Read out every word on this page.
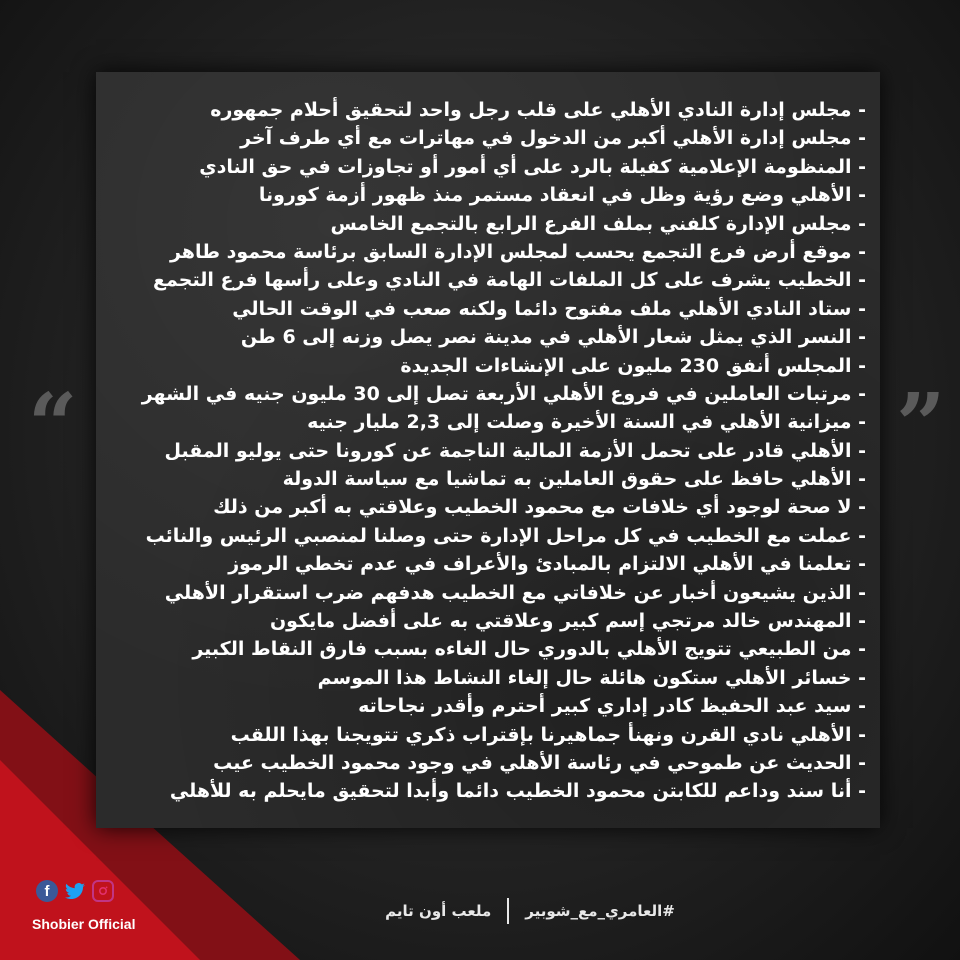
“	”
- مجلس إدارة النادي الأهلي على قلب رجل واحد لتحقيق أحلام جمهوره
- مجلس إدارة الأهلي أكبر من الدخول في مهاترات مع أي طرف آخر
- المنظومة الإعلامية كفيلة بالرد على أي أمور أو تجاوزات في حق النادي
- الأهلي وضع رؤية وظل في انعقاد مستمر منذ ظهور أزمة كورونا
- مجلس الإدارة كلفني بملف الفرع الرابع بالتجمع الخامس
- موقع أرض فرع التجمع يحسب لمجلس الإدارة السابق برئاسة محمود طاهر
- الخطيب يشرف على كل الملفات الهامة في النادي وعلى رأسها فرع التجمع
- ستاد النادي الأهلي ملف مفتوح دائما ولكنه صعب في الوقت الحالي
- النسر الذي يمثل شعار الأهلي في مدينة نصر يصل وزنه إلى 6 طن
- المجلس أنفق 230 مليون على الإنشاءات الجديدة
- مرتبات العاملين في فروع الأهلي الأربعة تصل إلى 30 مليون جنيه في الشهر
- ميزانية الأهلي في السنة الأخيرة وصلت إلى 2,3 مليار جنيه
- الأهلي قادر على تحمل الأزمة المالية الناجمة عن كورونا حتى يوليو المقبل
- الأهلي حافظ على حقوق العاملين به تماشيا مع سياسة الدولة
- لا صحة لوجود أي خلافات مع محمود الخطيب وعلاقتي به أكبر من ذلك
- عملت مع الخطيب في كل مراحل الإدارة حتى وصلنا لمنصبي الرئيس والنائب
- تعلمنا في الأهلي الالتزام بالمبادئ والأعراف في عدم تخطي الرموز
- الذين يشيعون أخبار عن خلافاتي مع الخطيب هدفهم ضرب استقرار الأهلي
- المهندس خالد مرتجي إسم كبير وعلاقتي به على أفضل مايكون
- من الطبيعي تتويج الأهلي بالدوري حال الغاءه بسبب فارق النقاط الكبير
- خسائر الأهلي ستكون هائلة حال إلغاء النشاط هذا الموسم
- سيد عبد الحفيظ كادر إداري كبير أحترم وأقدر نجاحاته
- الأهلي نادي القرن ونهنأ جماهيرنا بإقتراب ذكري تتويجنا بهذا اللقب
- الحديث عن طموحي في رئاسة الأهلي في وجود محمود الخطيب عيب
- أنا سند وداعم للكابتن محمود الخطيب دائما وأبدا لتحقيق مايحلم به للأهلي
#العامري_مع_شوبير
ملعب أون تايم
f
Shobier Official
